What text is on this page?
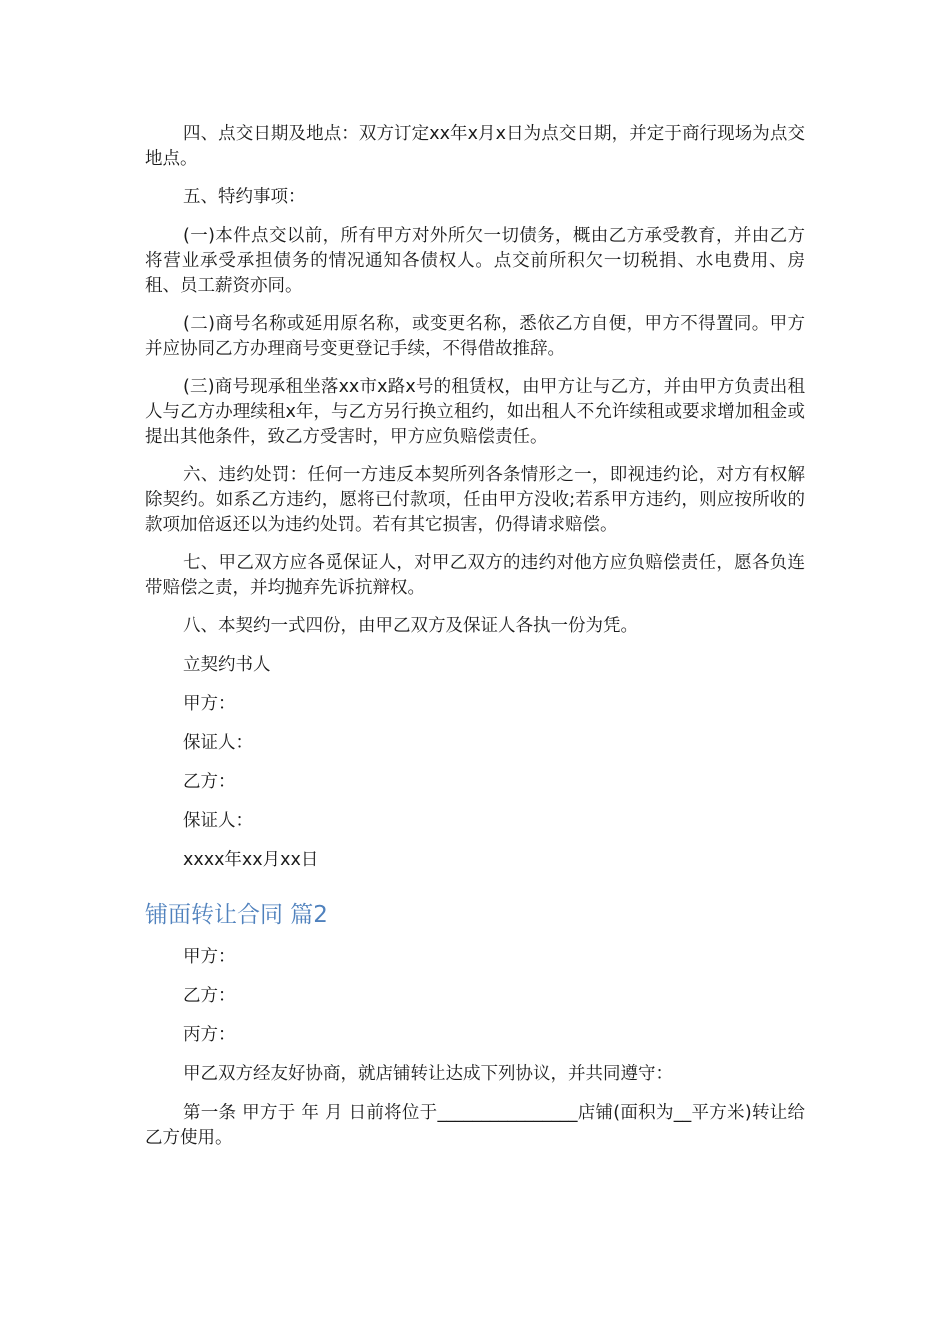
四、点交日期及地点：双方订定xx年x月x日为点交日期，并定于商行现场为点交地点。

五、特约事项：

(一)本件点交以前，所有甲方对外所欠一切债务，概由乙方承受教育，并由乙方将营业承受承担债务的情况通知各债权人。点交前所积欠一切税捐、水电费用、房租、员工薪资亦同。

(二)商号名称或延用原名称，或变更名称，悉依乙方自便，甲方不得置同。甲方并应协同乙方办理商号变更登记手续，不得借故推辞。

(三)商号现承租坐落xx市x路x号的租赁权，由甲方让与乙方，并由甲方负责出租人与乙方办理续租x年，与乙方另行换立租约，如出租人不允许续租或要求增加租金或提出其他条件，致乙方受害时，甲方应负赔偿责任。

六、违约处罚：任何一方违反本契所列各条情形之一，即视违约论，对方有权解除契约。如系乙方违约，愿将已付款项，任由甲方没收;若系甲方违约，则应按所收的款项加倍返还以为违约处罚。若有其它损害，仍得请求赔偿。

七、甲乙双方应各觅保证人，对甲乙双方的违约对他方应负赔偿责任，愿各负连带赔偿之责，并均抛弃先诉抗辩权。

八、本契约一式四份，由甲乙双方及保证人各执一份为凭。

立契约书人

甲方：

保证人：

乙方：

保证人：

xxxx年xx月xx日

铺面转让合同 篇2

甲方：

乙方：

丙方：

甲乙双方经友好协商，就店铺转让达成下列协议，并共同遵守：

第一条 甲方于 年 月 日前将位于________________店铺(面积为__平方米)转让给乙方使用。
